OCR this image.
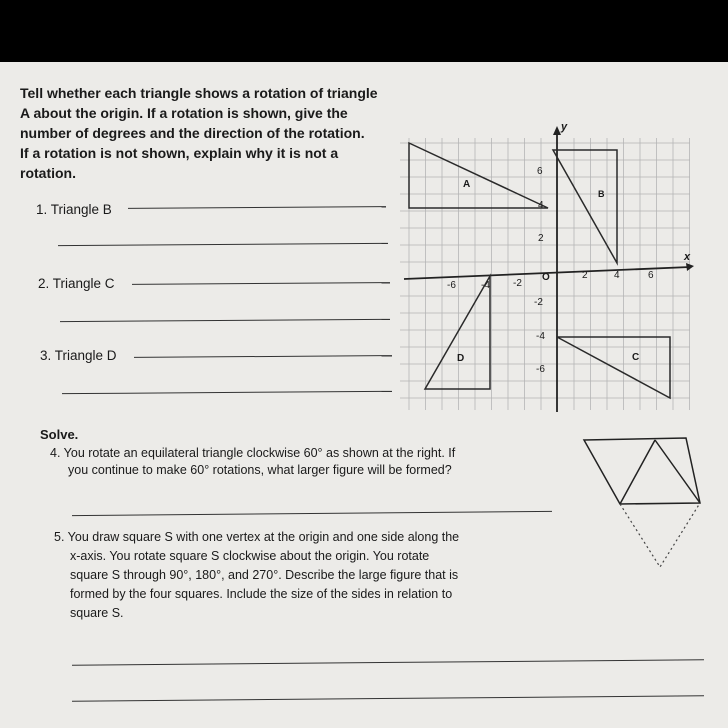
Tell whether each triangle shows a rotation of triangle
A about the origin. If a rotation is shown, give the
number of degrees and the direction of the rotation.
If a rotation is not shown, explain why it is not a
rotation.
1. Triangle B
2. Triangle C
3. Triangle D
x
y
-6	-4 -2
O	2	4	6
6
4
2
-2
-4
-6
A
B
C
D
Solve.
4. You rotate an equilateral triangle clockwise 60° as shown at the right. If
you continue to make 60° rotations, what larger figure will be formed?
5. You draw square S with one vertex at the origin and one side along the
x-axis. You rotate square S clockwise about the origin. You rotate
square S through 90°, 180°, and 270°. Describe the large figure that is
formed by the four squares. Include the size of the sides in relation to
square S.
